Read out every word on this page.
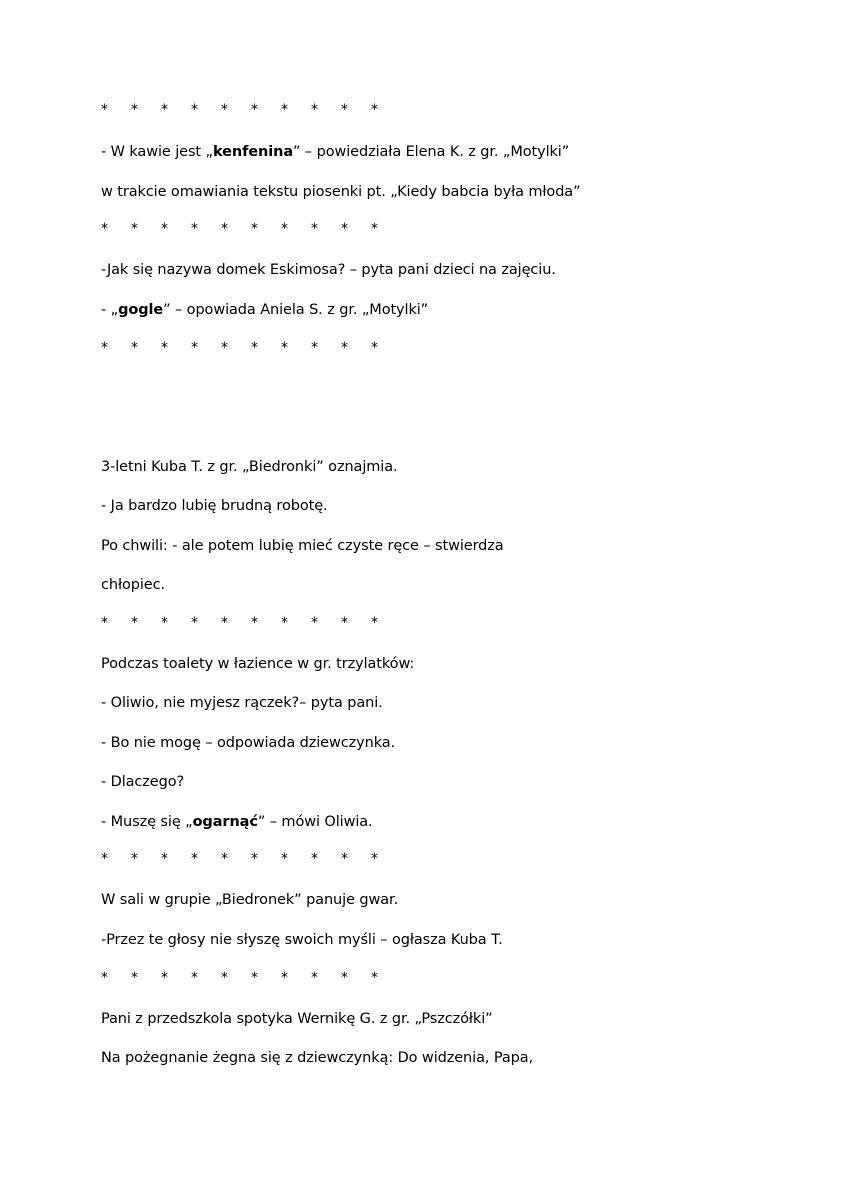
*	*	*	*	*	*	*	*	*	*
- W kawie jest „kenfenina” – powiedziała Elena K. z gr. „Motylki”
w trakcie omawiania tekstu piosenki pt. „Kiedy babcia była młoda”
*	*	*	*	*	*	*	*	*	*
-Jak się nazywa domek Eskimosa? – pyta pani dzieci na zajęciu.
- „gogle” – opowiada Aniela S. z gr. „Motylki”
*	*	*	*	*	*	*	*	*	*
3-letni Kuba T. z gr. „Biedronki” oznajmia.
- Ja bardzo lubię brudną robotę.
Po chwili: - ale potem lubię mieć czyste ręce – stwierdza
chłopiec.
*	*	*	*	*	*	*	*	*	*
Podczas toalety w łazience w gr. trzylatków:
- Oliwio, nie myjesz rączek?– pyta pani.
- Bo nie mogę – odpowiada dziewczynka.
- Dlaczego?
- Muszę się „ogarnąć” – mówi Oliwia.
*	*	*	*	*	*	*	*	*	*
W sali w grupie „Biedronek” panuje gwar.
-Przez te głosy nie słyszę swoich myśli – ogłasza Kuba T.
*	*	*	*	*	*	*	*	*	*
Pani z przedszkola spotyka Wernikę G. z gr. „Pszczółki”
Na pożegnanie żegna się z dziewczynką: Do widzenia, Papa,
